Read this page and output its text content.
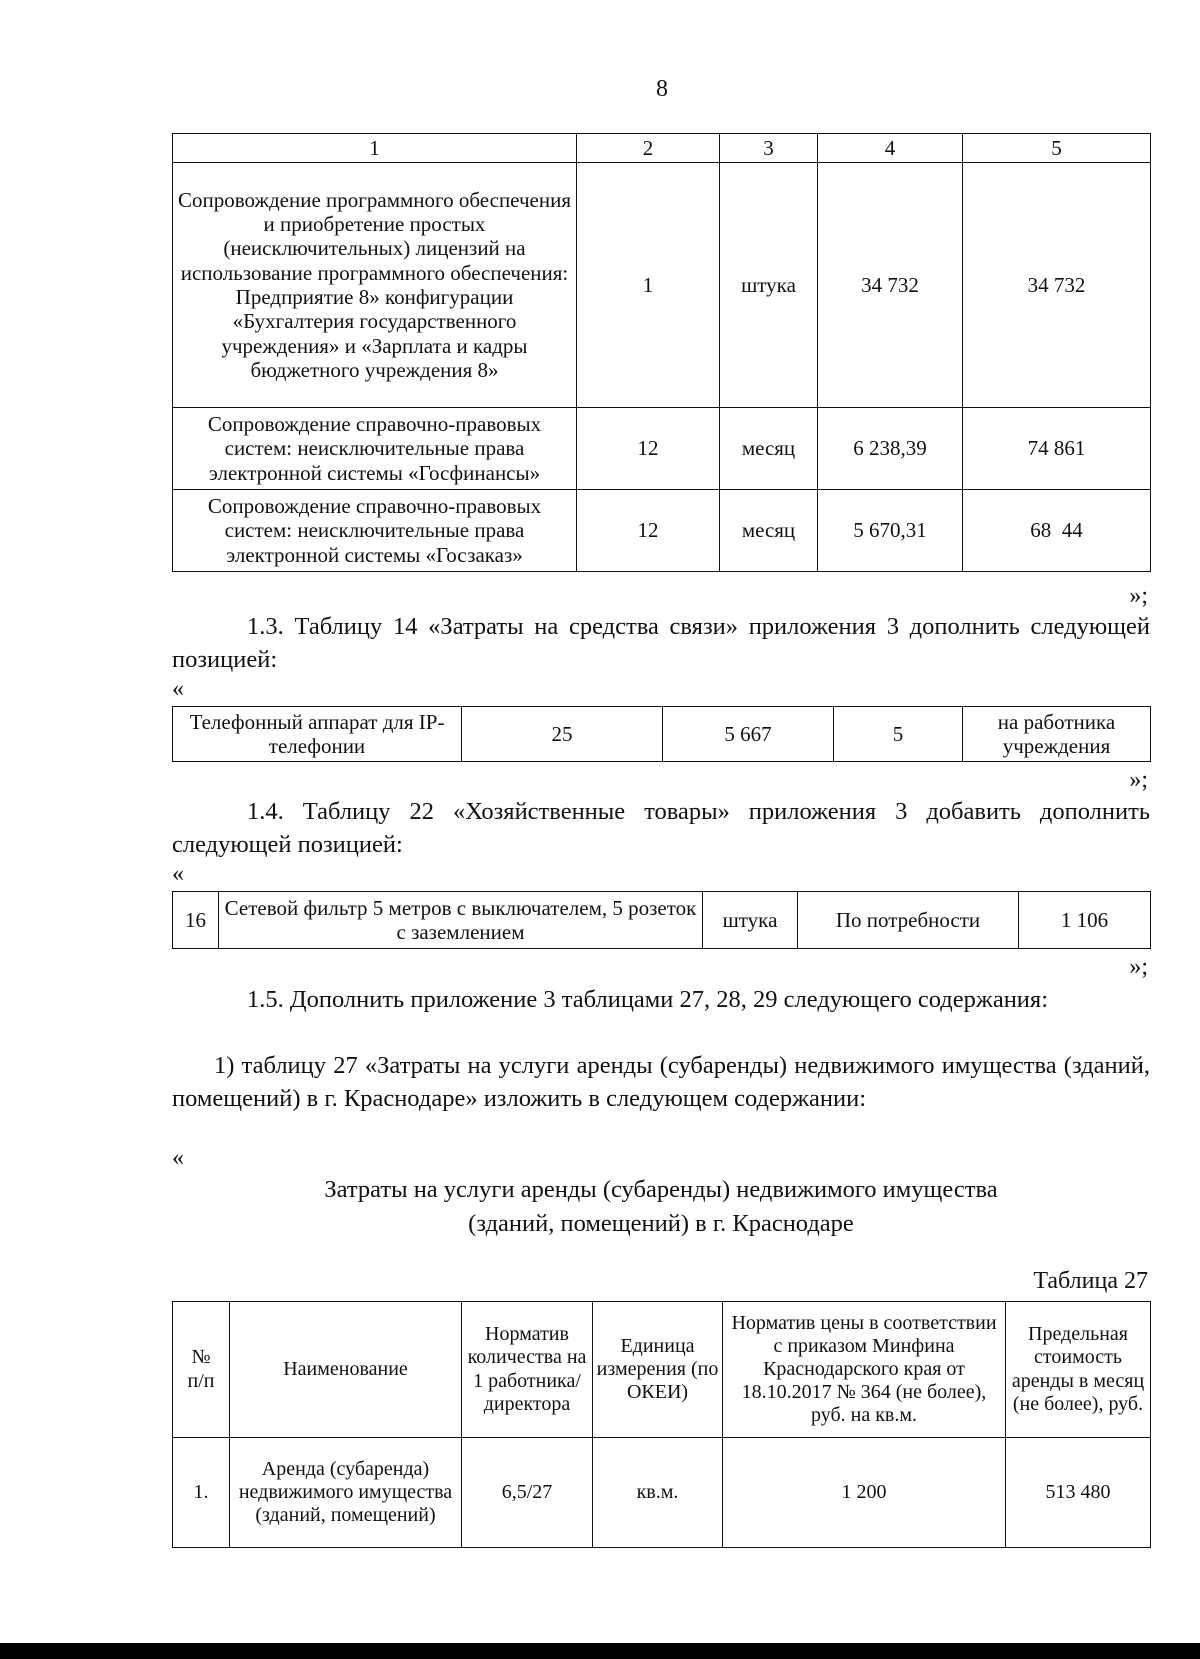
8
1	2	3	4	5
Сопровождение программного обеспечения и приобретение простых (неисключительных) лицензий на использование программного обеспечения: Предприятие 8» конфигурации «Бухгалтерия государственного учреждения» и «Зарплата и кадры бюджетного учреждения 8»	1	штука	34 732	34 732
Сопровождение справочно-правовых систем: неисключительные права электронной системы «Госфинансы»	12	месяц	6 238,39	74 861
Сопровождение справочно-правовых систем: неисключительные права электронной системы «Госзаказ»	12	месяц	5 670,31	68  44
»;
1.3. Таблицу 14 «Затраты на средства связи» приложения 3 дополнить следующей позицией:
«
Телефонный аппарат для IP-телефонии	25	5 667	5	на работника учреждения
»;
1.4. Таблицу 22 «Хозяйственные товары» приложения 3 добавить дополнить следующей позицией:
«
16	Сетевой фильтр 5 метров с выключателем, 5 розеток с заземлением	штука	По потребности	1 106
»;
1.5. Дополнить приложение 3 таблицами 27, 28, 29 следующего содержания:
1) таблицу 27 «Затраты на услуги аренды (субаренды) недвижимого имущества (зданий, помещений) в г. Краснодаре» изложить в следующем содержании:
«
Затраты на услуги аренды (субаренды) недвижимого имущества
(зданий, помещений) в г. Краснодаре
Таблица 27
№ п/п	Наименование	Норматив количества на 1 работника/ директора	Единица измерения (по ОКЕИ)	Норматив цены в соответствии с приказом Минфина Краснодарского края от 18.10.2017 № 364 (не более), руб. на кв.м.	Предельная стоимость аренды в месяц (не более), руб.
1.	Аренда (субаренда) недвижимого имущества (зданий, помещений)	6,5/27	кв.м.	1 200	513 480
